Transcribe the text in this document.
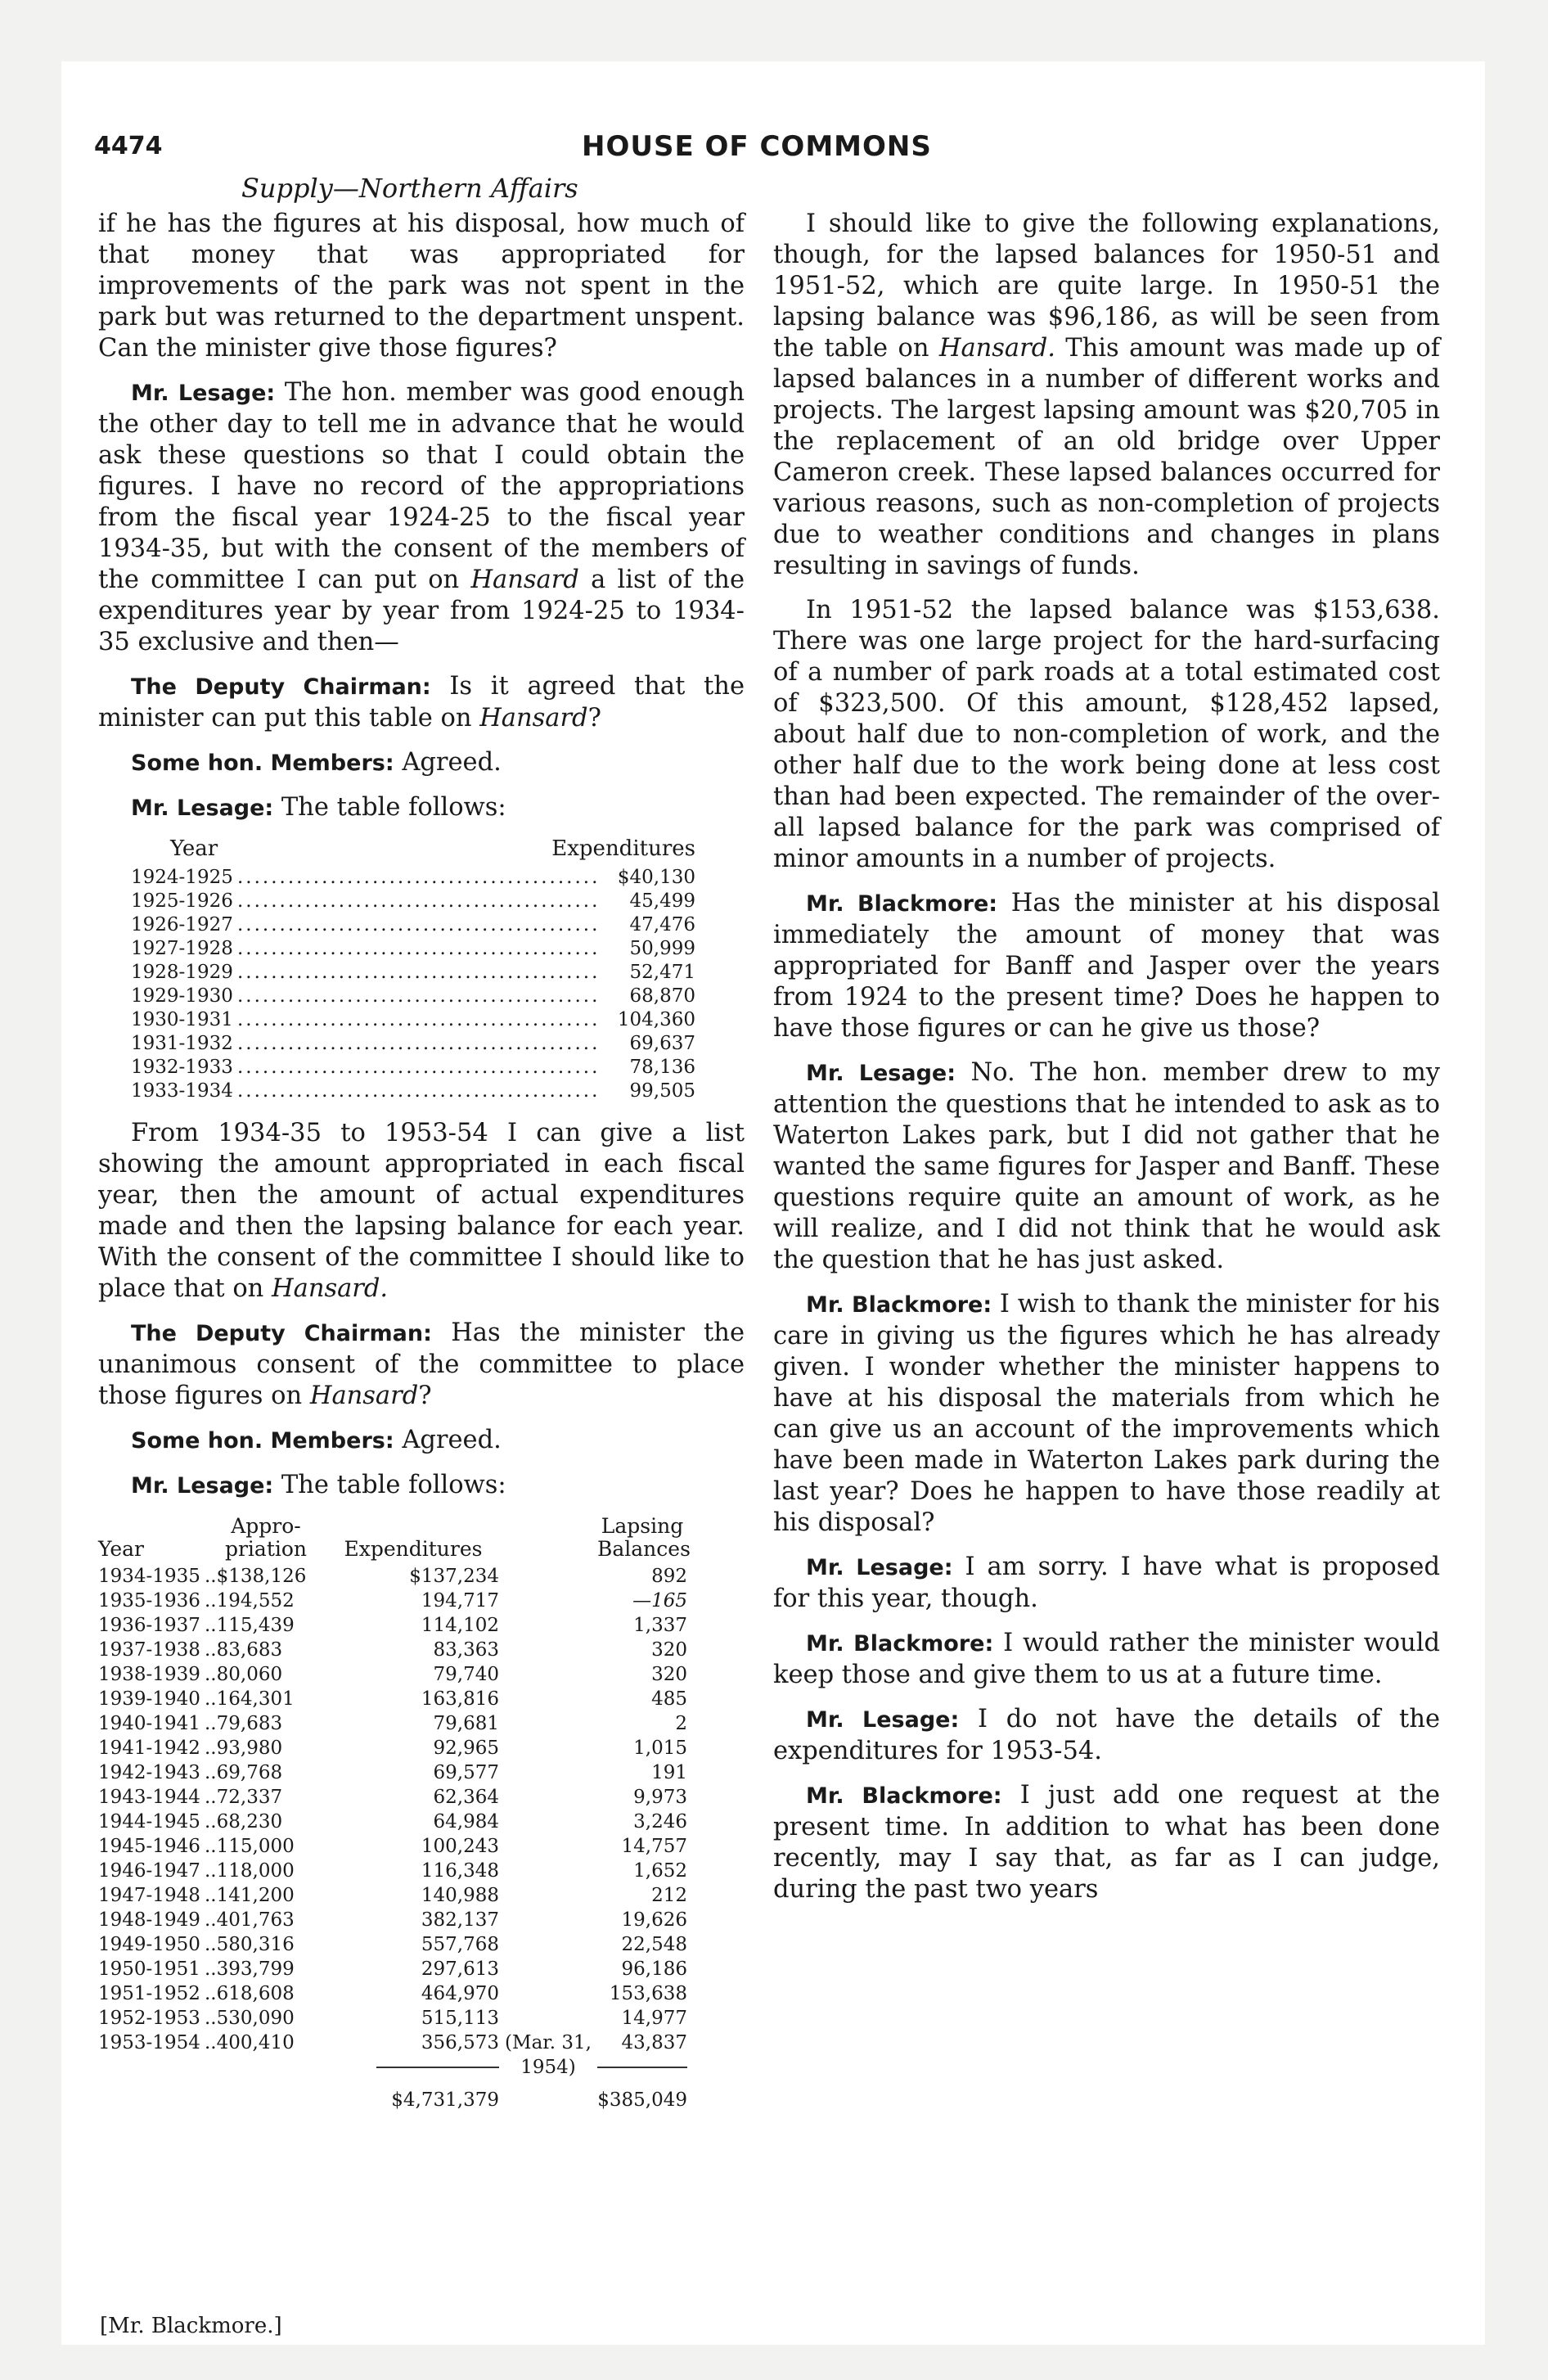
4474	HOUSE OF COMMONS
Supply—Northern Affairs

if he has the figures at his disposal, how much of that money that was appropriated for improvements of the park was not spent in the park but was returned to the department unspent. Can the minister give those figures?

Mr. Lesage: The hon. member was good enough the other day to tell me in advance that he would ask these questions so that I could obtain the figures. I have no record of the appropriations from the fiscal year 1924-25 to the fiscal year 1934-35, but with the consent of the members of the committee I can put on Hansard a list of the expenditures year by year from 1924-25 to 1934-35 exclusive and then—

The Deputy Chairman: Is it agreed that the minister can put this table on Hansard?

Some hon. Members: Agreed.

Mr. Lesage: The table follows:

Year	Expenditures
1924-1925 ........................................... $40,130
1925-1926 ...........................................	45,499
1926-1927 ...........................................	47,476
1927-1928 ...........................................	50,999
1928-1929 ...........................................	52,471
1929-1930 ...........................................	68,870
1930-1931 ........................................... 104,360
1931-1932 ...........................................	69,637
1932-1933 ...........................................	78,136
1933-1934 ...........................................	99,505

From 1934-35 to 1953-54 I can give a list showing the amount appropriated in each fiscal year, then the amount of actual expenditures made and then the lapsing balance for each year. With the consent of the committee I should like to place that on Hansard.

The Deputy Chairman: Has the minister the unanimous consent of the committee to place those figures on Hansard?

Some hon. Members: Agreed.

Mr. Lesage: The table follows:

Year
Appro-
priation	Expenditures
Lapsing
Balances
1934-1935 ..$138,126	$137,234	892
1935-1936 ..194,552	194,717	—165
1936-1937 ..115,439	114,102	1,337
1937-1938 ..83,683	83,363	320
1938-1939 ..80,060	79,740	320
1939-1940 ..164,301	163,816	485
1940-1941 ..79,683	79,681	2
1941-1942 ..93,980	92,965	1,015
1942-1943 ..69,768	69,577	191
1943-1944 ..72,337	62,364	9,973
1944-1945 ..68,230	64,984	3,246
1945-1946 ..115,000	100,243	14,757
1946-1947 ..118,000	116,348	1,652
1947-1948 ..141,200	140,988	212
1948-1949 ..401,763	382,137	19,626
1949-1950 ..580,316	557,768	22,548
1950-1951 ..393,799	297,613	96,186
1951-1952 ..618,608	464,970	153,638
1952-1953 ..530,090	515,113	14,977
1953-1954 ..400,410	356,573 (Mar. 31,	43,837
1954)
$4,731,379	$385,049

I should like to give the following explanations, though, for the lapsed balances for 1950-51 and 1951-52, which are quite large. In 1950-51 the lapsing balance was $96,186, as will be seen from the table on Hansard. This amount was made up of lapsed balances in a number of different works and projects. The largest lapsing amount was $20,705 in the replacement of an old bridge over Upper Cameron creek. These lapsed balances occurred for various reasons, such as non-completion of projects due to weather conditions and changes in plans resulting in savings of funds.

In 1951-52 the lapsed balance was $153,638. There was one large project for the hard-surfacing of a number of park roads at a total estimated cost of $323,500. Of this amount, $128,452 lapsed, about half due to non-completion of work, and the other half due to the work being done at less cost than had been expected. The remainder of the over-all lapsed balance for the park was comprised of minor amounts in a number of projects.

Mr. Blackmore: Has the minister at his disposal immediately the amount of money that was appropriated for Banff and Jasper over the years from 1924 to the present time? Does he happen to have those figures or can he give us those?

Mr. Lesage: No. The hon. member drew to my attention the questions that he intended to ask as to Waterton Lakes park, but I did not gather that he wanted the same figures for Jasper and Banff. These questions require quite an amount of work, as he will realize, and I did not think that he would ask the question that he has just asked.

Mr. Blackmore: I wish to thank the minister for his care in giving us the figures which he has already given. I wonder whether the minister happens to have at his disposal the materials from which he can give us an account of the improvements which have been made in Waterton Lakes park during the last year? Does he happen to have those readily at his disposal?

Mr. Lesage: I am sorry. I have what is proposed for this year, though.

Mr. Blackmore: I would rather the minister would keep those and give them to us at a future time.

Mr. Lesage: I do not have the details of the expenditures for 1953-54.

Mr. Blackmore: I just add one request at the present time. In addition to what has been done recently, may I say that, as far as I can judge, during the past two years

[Mr. Blackmore.]
